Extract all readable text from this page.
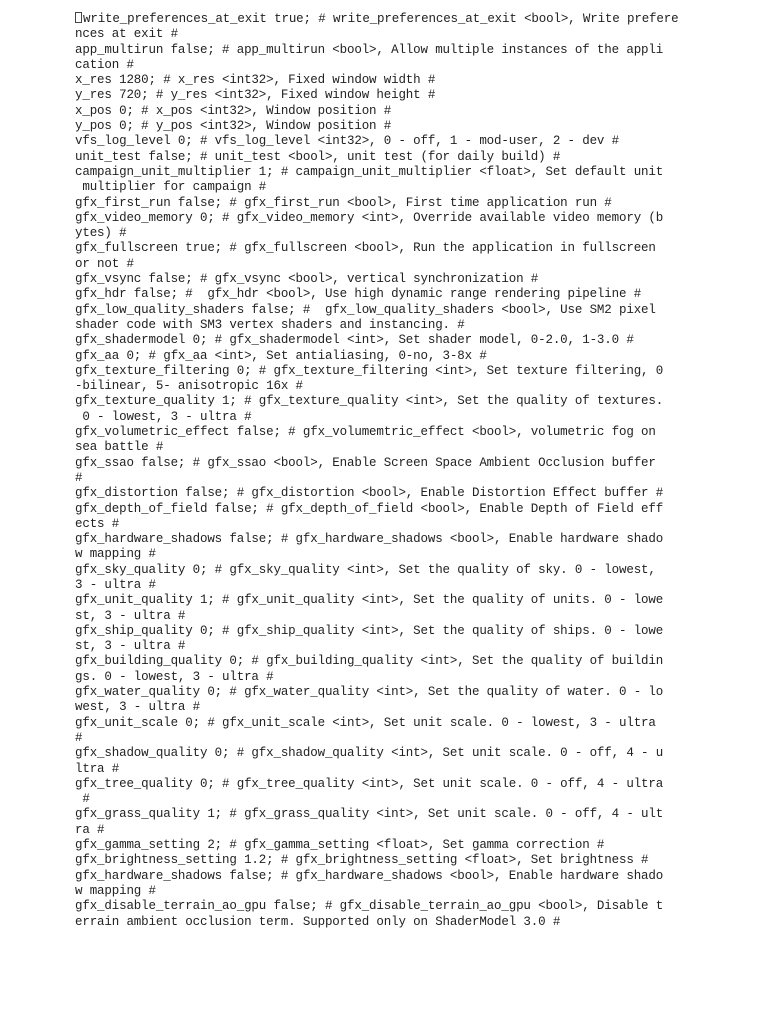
write_preferences_at_exit true; # write_preferences_at_exit <bool>, Write prefere
nces at exit #
app_multirun false; # app_multirun <bool>, Allow multiple instances of the appli
cation #
x_res 1280; # x_res <int32>, Fixed window width #
y_res 720; # y_res <int32>, Fixed window height #
x_pos 0; # x_pos <int32>, Window position #
y_pos 0; # y_pos <int32>, Window position #
vfs_log_level 0; # vfs_log_level <int32>, 0 - off, 1 - mod-user, 2 - dev #
unit_test false; # unit_test <bool>, unit test (for daily build) #
campaign_unit_multiplier 1; # campaign_unit_multiplier <float>, Set default unit
multiplier for campaign #
gfx_first_run false; # gfx_first_run <bool>, First time application run #
gfx_video_memory 0; # gfx_video_memory <int>, Override available video memory (b
ytes) #
gfx_fullscreen true; # gfx_fullscreen <bool>, Run the application in fullscreen
or not #
gfx_vsync false; # gfx_vsync <bool>, vertical synchronization #
gfx_hdr false; #  gfx_hdr <bool>, Use high dynamic range rendering pipeline #
gfx_low_quality_shaders false; #  gfx_low_quality_shaders <bool>, Use SM2 pixel
shader code with SM3 vertex shaders and instancing. #
gfx_shadermodel 0; # gfx_shadermodel <int>, Set shader model, 0-2.0, 1-3.0 #
gfx_aa 0; # gfx_aa <int>, Set antialiasing, 0-no, 3-8x #
gfx_texture_filtering 0; # gfx_texture_filtering <int>, Set texture filtering, 0
-bilinear, 5- anisotropic 16x #
gfx_texture_quality 1; # gfx_texture_quality <int>, Set the quality of textures.
0 - lowest, 3 - ultra #
gfx_volumetric_effect false; # gfx_volumemtric_effect <bool>, volumetric fog on
sea battle #
gfx_ssao false; # gfx_ssao <bool>, Enable Screen Space Ambient Occlusion buffer
#
gfx_distortion false; # gfx_distortion <bool>, Enable Distortion Effect buffer #
gfx_depth_of_field false; # gfx_depth_of_field <bool>, Enable Depth of Field eff
ects #
gfx_hardware_shadows false; # gfx_hardware_shadows <bool>, Enable hardware shado
w mapping #
gfx_sky_quality 0; # gfx_sky_quality <int>, Set the quality of sky. 0 - lowest,
3 - ultra #
gfx_unit_quality 1; # gfx_unit_quality <int>, Set the quality of units. 0 - lowe
st, 3 - ultra #
gfx_ship_quality 0; # gfx_ship_quality <int>, Set the quality of ships. 0 - lowe
st, 3 - ultra #
gfx_building_quality 0; # gfx_building_quality <int>, Set the quality of buildin
gs. 0 - lowest, 3 - ultra #
gfx_water_quality 0; # gfx_water_quality <int>, Set the quality of water. 0 - lo
west, 3 - ultra #
gfx_unit_scale 0; # gfx_unit_scale <int>, Set unit scale. 0 - lowest, 3 - ultra
#
gfx_shadow_quality 0; # gfx_shadow_quality <int>, Set unit scale. 0 - off, 4 - u
ltra #
gfx_tree_quality 0; # gfx_tree_quality <int>, Set unit scale. 0 - off, 4 - ultra
#
gfx_grass_quality 1; # gfx_grass_quality <int>, Set unit scale. 0 - off, 4 - ult
ra #
gfx_gamma_setting 2; # gfx_gamma_setting <float>, Set gamma correction #
gfx_brightness_setting 1.2; # gfx_brightness_setting <float>, Set brightness #
gfx_hardware_shadows false; # gfx_hardware_shadows <bool>, Enable hardware shado
w mapping #
gfx_disable_terrain_ao_gpu false; # gfx_disable_terrain_ao_gpu <bool>, Disable t
errain ambient occlusion term. Supported only on ShaderModel 3.0 #
